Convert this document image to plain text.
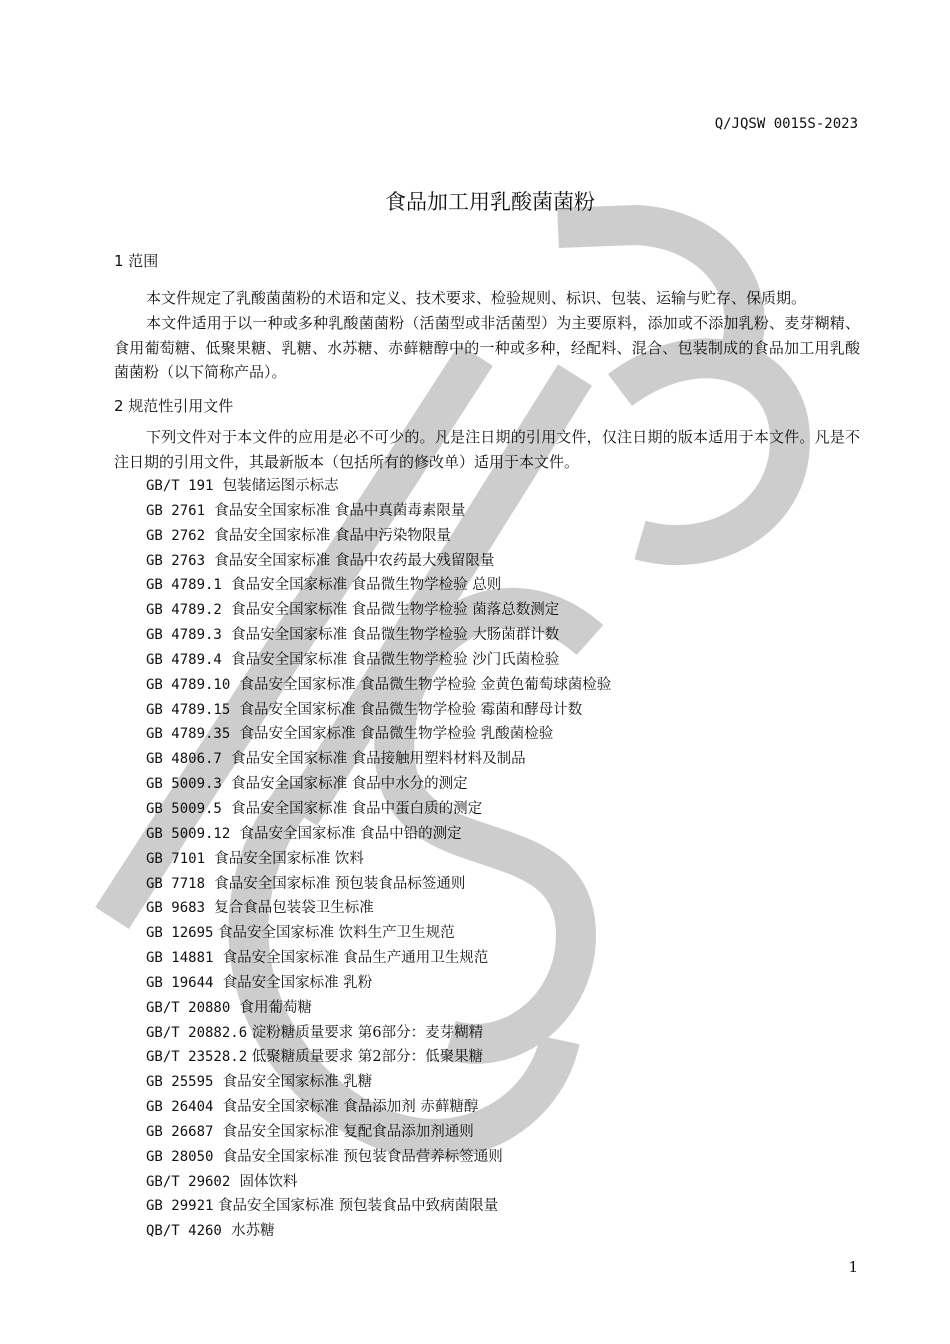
Q/JQSW 0015S-2023
食品加工用乳酸菌菌粉
1 范围
本文件规定了乳酸菌菌粉的术语和定义、技术要求、检验规则、标识、包装、运输与贮存、保质期。
本文件适用于以一种或多种乳酸菌菌粉（活菌型或非活菌型）为主要原料，添加或不添加乳粉、麦芽糊精、食用葡萄糖、低聚果糖、乳糖、水苏糖、赤藓糖醇中的一种或多种，经配料、混合、包装制成的食品加工用乳酸菌菌粉（以下简称产品）。
2 规范性引用文件
下列文件对于本文件的应用是必不可少的。凡是注日期的引用文件，仅注日期的版本适用于本文件。凡是不注日期的引用文件，其最新版本（包括所有的修改单）适用于本文件。
GB/T 191  包装储运图示标志
GB 2761  食品安全国家标准 食品中真菌毒素限量
GB 2762  食品安全国家标准 食品中污染物限量
GB 2763  食品安全国家标准 食品中农药最大残留限量
GB 4789.1  食品安全国家标准 食品微生物学检验 总则
GB 4789.2  食品安全国家标准 食品微生物学检验 菌落总数测定
GB 4789.3  食品安全国家标准 食品微生物学检验 大肠菌群计数
GB 4789.4  食品安全国家标准 食品微生物学检验 沙门氏菌检验
GB 4789.10  食品安全国家标准 食品微生物学检验 金黄色葡萄球菌检验
GB 4789.15  食品安全国家标准 食品微生物学检验 霉菌和酵母计数
GB 4789.35  食品安全国家标准 食品微生物学检验 乳酸菌检验
GB 4806.7  食品安全国家标准 食品接触用塑料材料及制品
GB 5009.3  食品安全国家标准 食品中水分的测定
GB 5009.5  食品安全国家标准 食品中蛋白质的测定
GB 5009.12  食品安全国家标准 食品中铅的测定
GB 7101  食品安全国家标准 饮料
GB 7718  食品安全国家标准 预包装食品标签通则
GB 9683  复合食品包装袋卫生标准
GB 12695 食品安全国家标准 饮料生产卫生规范
GB 14881  食品安全国家标准 食品生产通用卫生规范
GB 19644  食品安全国家标准 乳粉
GB/T 20880  食用葡萄糖
GB/T 20882.6 淀粉糖质量要求 第6部分：麦芽糊精
GB/T 23528.2 低聚糖质量要求 第2部分：低聚果糖
GB 25595  食品安全国家标准 乳糖
GB 26404  食品安全国家标准 食品添加剂 赤藓糖醇
GB 26687  食品安全国家标准 复配食品添加剂通则
GB 28050  食品安全国家标准 预包装食品营养标签通则
GB/T 29602  固体饮料
GB 29921 食品安全国家标准 预包装食品中致病菌限量
QB/T 4260  水苏糖
1
